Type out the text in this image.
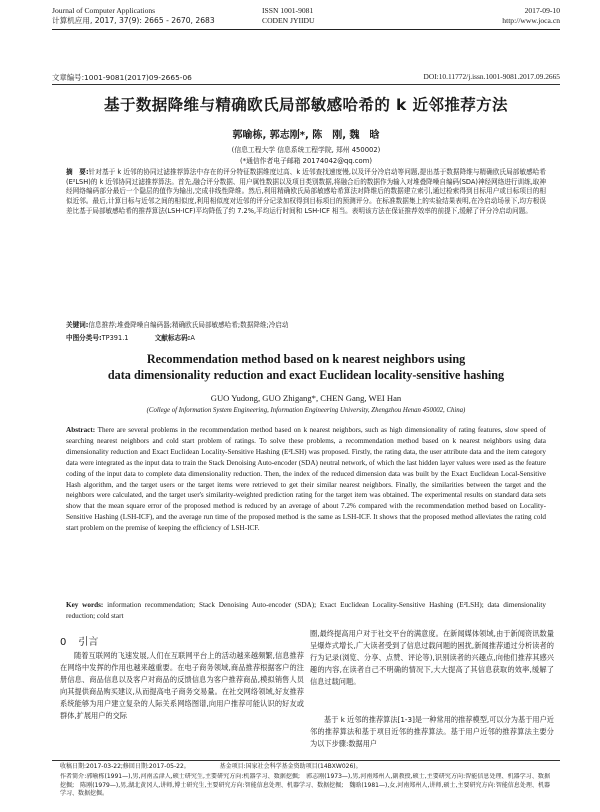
Journal of Computer Applications
计算机应用, 2017, 37(9): 2665 - 2670, 2683
ISSN 1001-9081
CODEN JYIIDU
2017-09-10
http://www.joca.cn
文章编号:1001-9081(2017)09-2665-06	DOI:10.11772/j.issn.1001-9081.2017.09.2665
基于数据降维与精确欧氏局部敏感哈希的 k 近邻推荐方法
郭喻栋, 郭志刚*, 陈　刚, 魏　晗
(信息工程大学 信息系统工程学院, 郑州 450002)
(*通信作者电子邮箱 20174042@qq.com)
摘　要:针对基于 k 近邻的协同过滤推荐算法中存在的评分特征数据维度过高、k 近邻查找速度慢,以及评分冷启动等问题,提出基于数据降维与精确欧氏局部敏感哈希(E²LSH)的 k 近邻协同过滤推荐算法。首先,融合评分数据、用户属性数据以及项目类别数据,将融合后的数据作为输入对堆叠降噪自编码(SDA)神经网络进行训练,取神经网络编码部分最后一个隐层的值作为输出,完成非线性降维。然后,利用精确欧氏局部敏感哈希算法对降维后的数据建立索引,通过检索得到目标用户或目标项目的相似近邻。最后,计算目标与近邻之间的相似度,利用相似度对近邻的评分记录加权得到目标项目的预测评分。在标准数据集上的实验结果表明,在冷启动场景下,均方根误差比基于局部敏感哈希的推荐算法(LSH-ICF)平均降低了约 7.2%,平均运行时间和 LSH-ICF 相当。表明该方法在保证推荐效率的前提下,缓解了评分冷启动问题。
关键词:信息推荐;堆叠降噪自编码器;精确欧氏局部敏感哈希;数据降维;冷启动
中图分类号:TP391.1	文献标志码:A
Recommendation method based on k nearest neighbors using
data dimensionality reduction and exact Euclidean locality-sensitive hashing
GUO Yudong, GUO Zhigang*, CHEN Gang, WEI Han
(College of Information System Engineering, Information Engineering University, Zhengzhou Henan 450002, China)
Abstract: There are several problems in the recommendation method based on k nearest neighbors, such as high dimensionality of rating features, slow speed of searching nearest neighbors and cold start problem of ratings. To solve these problems, a recommendation method based on k nearest neighbors using data dimensionality reduction and Exact Euclidean Locality-Sensitive Hashing (E²LSH) was proposed. Firstly, the rating data, the user attribute data and the item category data were integrated as the input data to train the Stack Denoising Auto-encoder (SDA) neutral network, of which the last hidden layer values were used as the feature coding of the input data to complete data dimensionality reduction. Then, the index of the reduced dimension data was built by the Exact Euclidean Local-Sensitive Hash algorithm, and the target users or the target items were retrieved to get their similar nearest neighbors. Finally, the similarities between the target and the neighbors were calculated, and the target user's similarity-weighted prediction rating for the target item was obtained. The experimental results on standard data sets show that the mean square error of the proposed method is reduced by an average of about 7.2% compared with the recommendation method based on Locality-Sensitive Hashing (LSH-ICF), and the average run time of the proposed method is the same as LSH-ICF. It shows that the proposed method alleviates the rating cold start problem on the premise of keeping the efficiency of LSH-ICF.
Key words: information recommendation; Stack Denoising Auto-encoder (SDA); Exact Euclidean Locality-Sensitive Hashing (E²LSH); data dimensionality reduction; cold start
0 引言
随着互联网的飞速发展,人们在互联网平台上的活动越来越频繁,信息推荐在网络中发挥的作用也越来越重要。在电子商务领域,商品推荐根据客户的注册信息、商品信息以及客户对商品的反馈信息为客户推荐商品,模拟销售人员向其提供商品购买建议,从而提高电子商务交易量。在社交网络领域,好友推荐系统能够为用户建立复杂的人际关系网络图谱,向用户推荐可能认识的好友或群体,扩展用户的交际
圈,最终提高用户对于社交平台的满意度。在新闻媒体领域,由于新闻资讯数量呈爆炸式增长,广大读者受到了信息过载问题的困扰,新闻推荐通过分析读者的行为记录(浏览、分享、点赞、评论等),识别读者的兴趣点,向他们推荐其感兴趣的内容,在读者自己不明确的情况下,大大提高了其信息获取的效率,缓解了信息过载问题。
基于 k 近邻的推荐算法[1-3]是一种常用的推荐模型,可以分为基于用户近邻的推荐算法和基于项目近邻的推荐算法。基于用户近邻的推荐算法主要分为以下步骤:数据用户
收稿日期:2017-03-22;修回日期:2017-05-22。	基金项目:国家社会科学基金资助项目(14BXW026)。
作者简介:郭喻栋(1991—),男,河南孟津人,硕士研究生,主要研究方向:机器学习、数据挖掘;　郭志刚(1973—),男,河南郑州人,副教授,硕士,主要研究方向:智能信息处理、机器学习、数据挖掘;　陈刚(1979—),男,湖北黄冈人,讲师,博士研究生,主要研究方向:智能信息处理、机器学习、数据挖掘;　魏晗(1981—),女,河南郑州人,讲师,硕士,主要研究方向:智能信息处理、机器学习、数据挖掘。
